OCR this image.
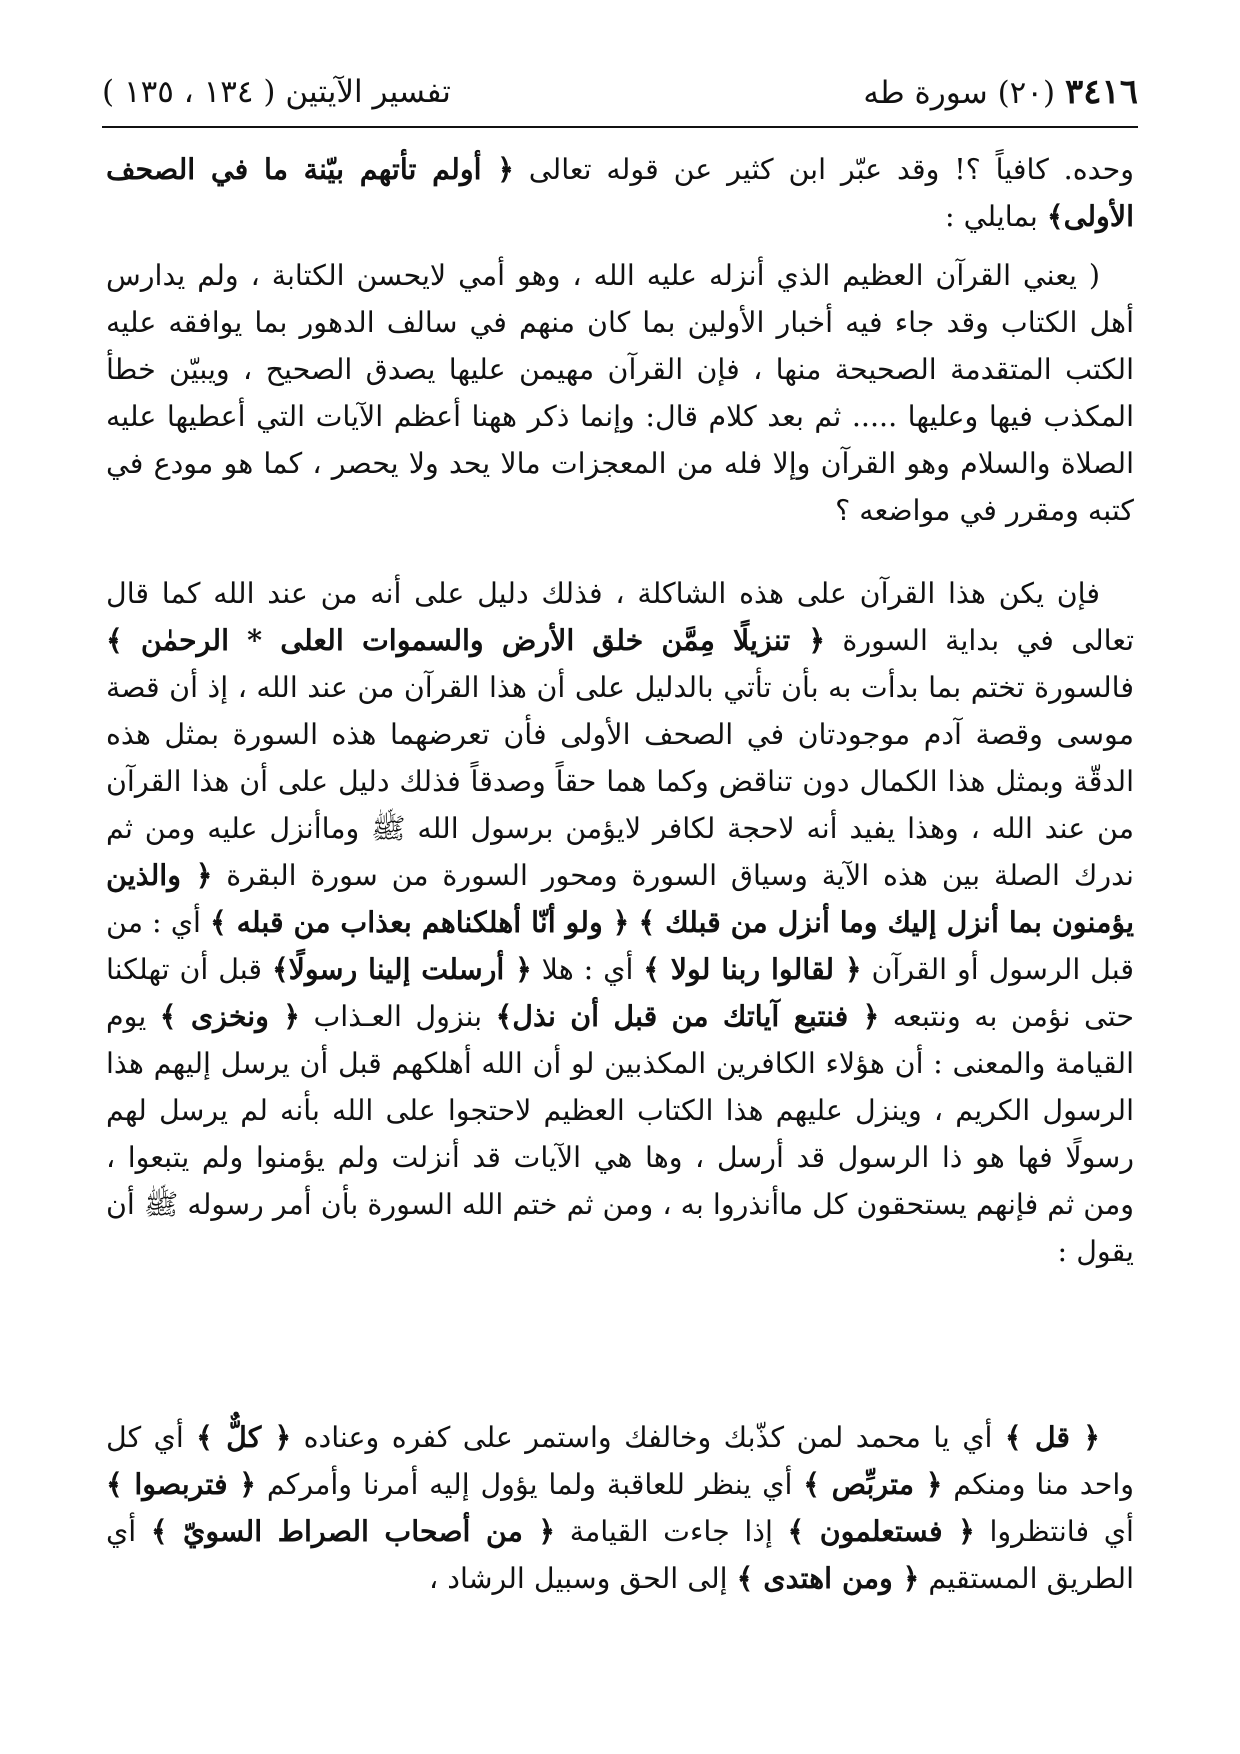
٣٤١٦ (٢٠) سورة طه
تفسير الآيتين ( ١٣٤ ، ١٣٥ )
وحده. كافياً ؟! وقد عبّر ابن كثير عن قوله تعالى ﴿ أولم تأتهم بيّنة ما في الصحف الأولى﴾ بمايلي :
( يعني القرآن العظيم الذي أنزله عليه الله ، وهو أمي لايحسن الكتابة ، ولم يدارس أهل الكتاب وقد جاء فيه أخبار الأولين بما كان منهم في سالف الدهور بما يوافقه عليه الكتب المتقدمة الصحيحة منها ، فإن القرآن مهيمن عليها يصدق الصحيح ، ويبيّن خطأ المكذب فيها وعليها ..... ثم بعد كلام قال: وإنما ذكر ههنا أعظم الآيات التي أعطيها عليه الصلاة والسلام وهو القرآن وإلا فله من المعجزات مالا يحد ولا يحصر ، كما هو مودع في كتبه ومقرر في مواضعه ؟
فإن يكن هذا القرآن على هذه الشاكلة ، فذلك دليل على أنه من عند الله كما قال تعالى في بداية السورة ﴿ تنزيلًا مِمَّن خلق الأرض والسموات العلى * الرحمٰن ﴾ فالسورة تختم بما بدأت به بأن تأتي بالدليل على أن هذا القرآن من عند الله ، إذ أن قصة موسى وقصة آدم موجودتان في الصحف الأولى فأن تعرضهما هذه السورة بمثل هذه الدقّة وبمثل هذا الكمال دون تناقض وكما هما حقاً وصدقاً فذلك دليل على أن هذا القرآن من عند الله ، وهذا يفيد أنه لاحجة لكافر لايؤمن برسول الله ﷺ وماأنزل عليه ومن ثم ندرك الصلة بين هذه الآية وسياق السورة ومحور السورة من سورة البقرة ﴿ والذين يؤمنون بما أنزل إليك وما أنزل من قبلك ﴾ ﴿ ولو أنّا أهلكناهم بعذاب من قبله ﴾ أي : من قبل الرسول أو القرآن ﴿ لقالوا ربنا لولا ﴾ أي : هلا ﴿ أرسلت إلينا رسولًا﴾ قبل أن تهلكنا حتى نؤمن به ونتبعه ﴿ فنتبع آياتك من قبل أن نذل﴾ بنزول العـذاب ﴿ ونخزى ﴾ يوم القيامة والمعنى : أن هؤلاء الكافرين المكذبين لو أن الله أهلكهم قبل أن يرسل إليهم هذا الرسول الكريم ، وينزل عليهم هذا الكتاب العظيم لاحتجوا على الله بأنه لم يرسل لهم رسولًا فها هو ذا الرسول قد أرسل ، وها هي الآيات قد أنزلت ولم يؤمنوا ولم يتبعوا ، ومن ثم فإنهم يستحقون كل ماأنذروا به ، ومن ثم ختم الله السورة بأن أمر رسوله ﷺ أن يقول :
﴿ قل ﴾ أي يا محمد لمن كذّبك وخالفك واستمر على كفره وعناده ﴿ كلٌّ ﴾ أي كل واحد منا ومنكم ﴿ متربِّص ﴾ أي ينظر للعاقبة ولما يؤول إليه أمرنا وأمركم ﴿ فتربصوا ﴾ أي فانتظروا ﴿ فستعلمون ﴾ إذا جاءت القيامة ﴿ من أصحاب الصراط السويّ ﴾ أي الطريق المستقيم ﴿ ومن اهتدى ﴾ إلى الحق وسبيل الرشاد ،
